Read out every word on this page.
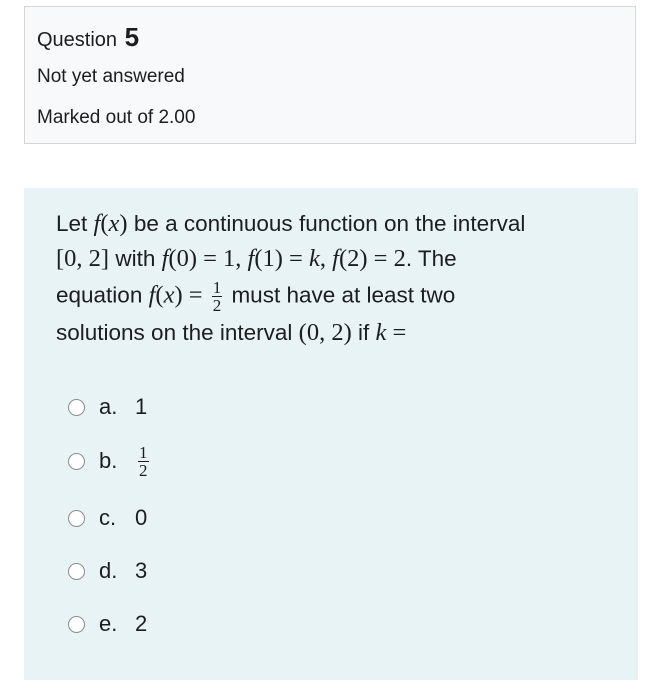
Question 5
Not yet answered
Marked out of 2.00
Let f(x) be a continuous function on the interval
[0, 2] with f(0) = 1, f(1) = k, f(2) = 2. The
equation $f(x) = \frac{1}{2}$ must have at least two
solutions on the interval (0, 2) if k =
a. 1
b.	$\frac{1}{2}$
c. 0
d. 3
e. 2
